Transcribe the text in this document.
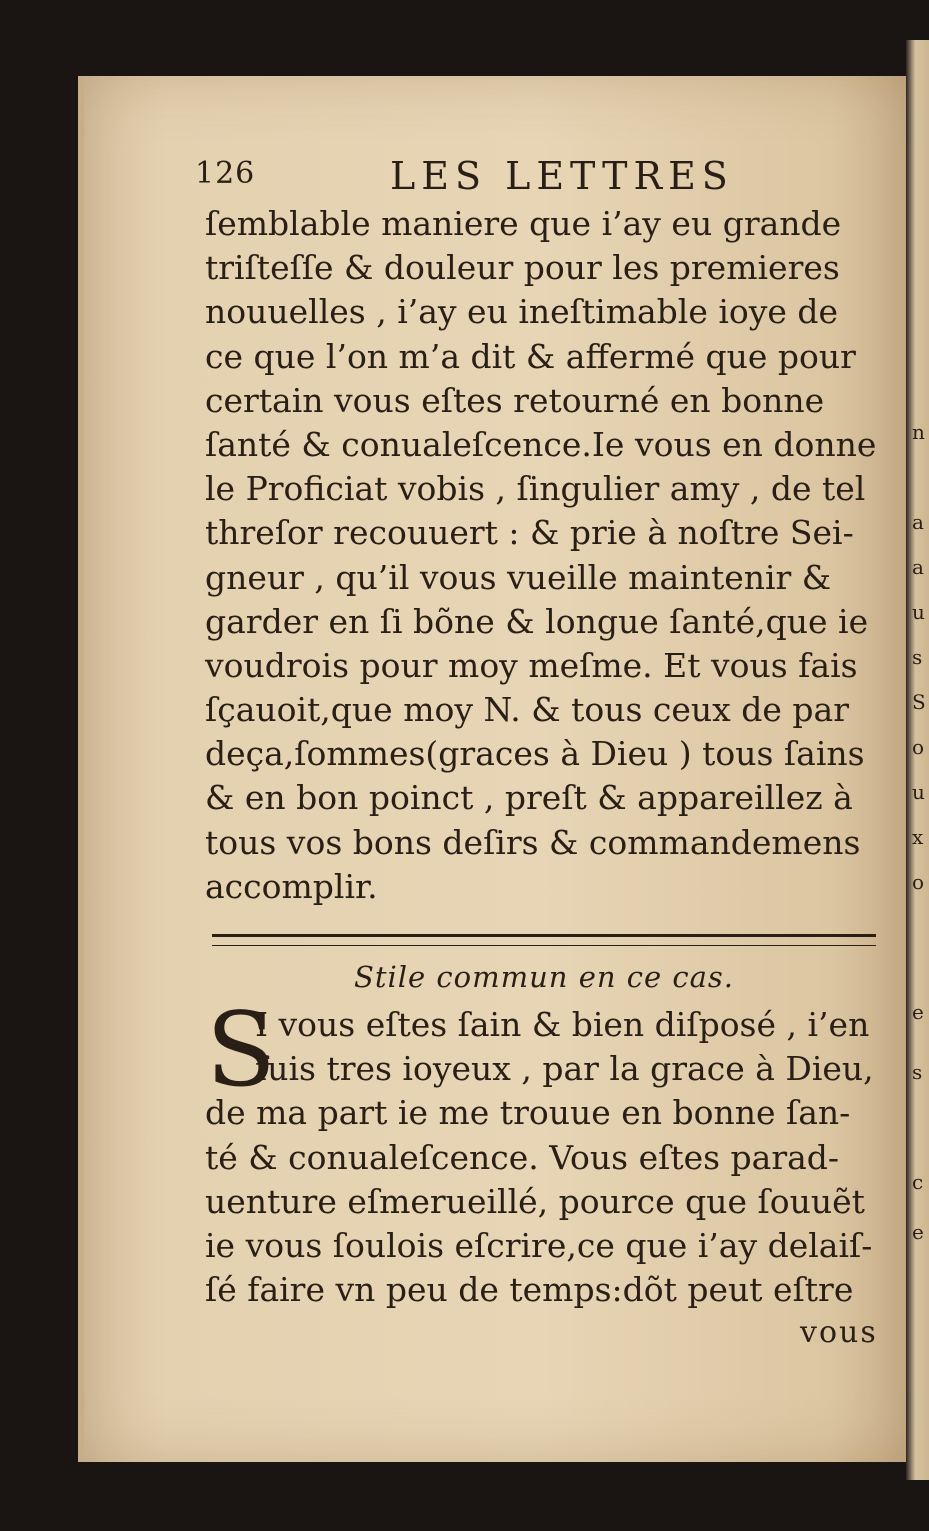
n
a
a
u
s
S
o
u
x
o
e
s
c
e
126	LES LETTRES
ſemblable maniere que i’ay eu grande
triſteſſe & douleur pour les premieres
nouuelles , i’ay eu ineſtimable ioye de
ce que l’on m’a dit & affermé que pour
certain vous eſtes retourné en bonne
ſanté & conualeſcence.Ie vous en donne
le Proficiat vobis , ſingulier amy , de tel
threſor recouuert : & prie à noſtre Sei-
gneur , qu’il vous vueille maintenir &
garder en ſi bõne & longue ſanté,que ie
voudrois pour moy meſme. Et vous fais
ſçauoit,que moy N. & tous ceux de par
deça,ſommes(graces à Dieu ) tous ſains
& en bon poinct , preſt & appareillez à
tous vos bons deſirs & commandemens
accomplir.
Stile commun en ce cas.
S
I vous eſtes ſain & bien diſposé , i’en
ſuis tres ioyeux , par la grace à Dieu,
de ma part ie me trouue en bonne ſan-
té & conualeſcence. Vous eſtes parad-
uenture eſmerueillé, pource que ſouuẽt
ie vous ſoulois eſcrire,ce que i’ay delaiſ-
ſé faire vn peu de temps:dõt peut eſtre
vous
